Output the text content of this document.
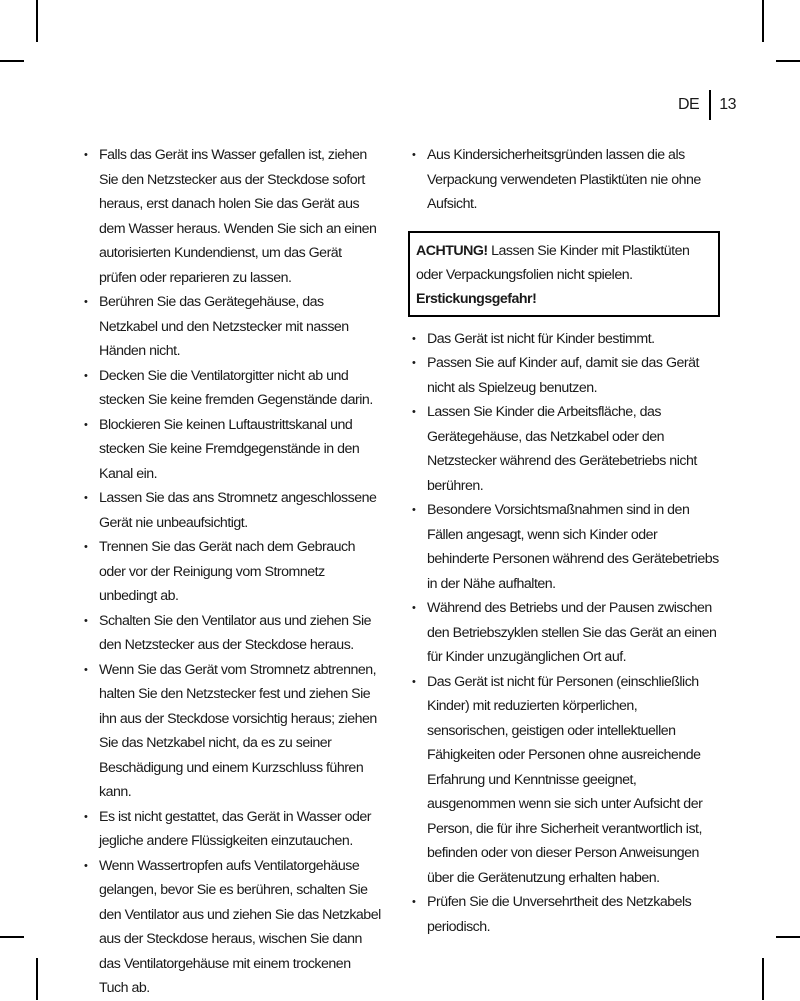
DE 13
• Falls das Gerät ins Wasser gefallen ist, ziehen Sie den Netzstecker aus der Steckdose sofort heraus, erst danach holen Sie das Gerät aus dem Wasser heraus. Wenden Sie sich an einen autorisierten Kundendienst, um das Gerät prüfen oder reparieren zu lassen.
• Berühren Sie das Gerätegehäuse, das Netzkabel und den Netzstecker mit nassen Händen nicht.
• Decken Sie die Ventilatorgitter nicht ab und stecken Sie keine fremden Gegenstände darin.
• Blockieren Sie keinen Luftaustrittskanal und stecken Sie keine Fremdgegenstände in den Kanal ein.
• Lassen Sie das ans Stromnetz angeschlossene Gerät nie unbeaufsichtigt.
• Trennen Sie das Gerät nach dem Gebrauch oder vor der Reinigung vom Stromnetz unbedingt ab.
• Schalten Sie den Ventilator aus und ziehen Sie den Netzstecker aus der Steckdose heraus.
• Wenn Sie das Gerät vom Stromnetz abtrennen, halten Sie den Netzstecker fest und ziehen Sie ihn aus der Steckdose vorsichtig heraus; ziehen Sie das Netzkabel nicht, da es zu seiner Beschädigung und einem Kurzschluss führen kann.
• Es ist nicht gestattet, das Gerät in Wasser oder jegliche andere Flüssigkeiten einzutauchen.
• Wenn Wassertropfen aufs Ventilatorgehäuse gelangen, bevor Sie es berühren, schalten Sie den Ventilator aus und ziehen Sie das Netzkabel aus der Steckdose heraus, wischen Sie dann das Ventilatorgehäuse mit einem trockenen Tuch ab.
• Aus Kindersicherheitsgründen lassen die als Verpackung verwendeten Plastiktüten nie ohne Aufsicht.
ACHTUNG! Lassen Sie Kinder mit Plastiktüten oder Verpackungsfolien nicht spielen. Erstickungsgefahr!
• Das Gerät ist nicht für Kinder bestimmt.
• Passen Sie auf Kinder auf, damit sie das Gerät nicht als Spielzeug benutzen.
• Lassen Sie Kinder die Arbeitsfläche, das Gerätegehäuse, das Netzkabel oder den Netzstecker während des Gerätebetriebs nicht berühren.
• Besondere Vorsichtsmaßnahmen sind in den Fällen angesagt, wenn sich Kinder oder behinderte Personen während des Gerätebetriebs in der Nähe aufhalten.
• Während des Betriebs und der Pausen zwischen den Betriebszyklen stellen Sie das Gerät an einen für Kinder unzugänglichen Ort auf.
• Das Gerät ist nicht für Personen (einschließlich Kinder) mit reduzierten körperlichen, sensorischen, geistigen oder intellektuellen Fähigkeiten oder Personen ohne ausreichende Erfahrung und Kenntnisse geeignet, ausgenommen wenn sie sich unter Aufsicht der Person, die für ihre Sicherheit verantwortlich ist, befinden oder von dieser Person Anweisungen über die Gerätenutzung erhalten haben.
• Prüfen Sie die Unversehrtheit des Netzkabels periodisch.
